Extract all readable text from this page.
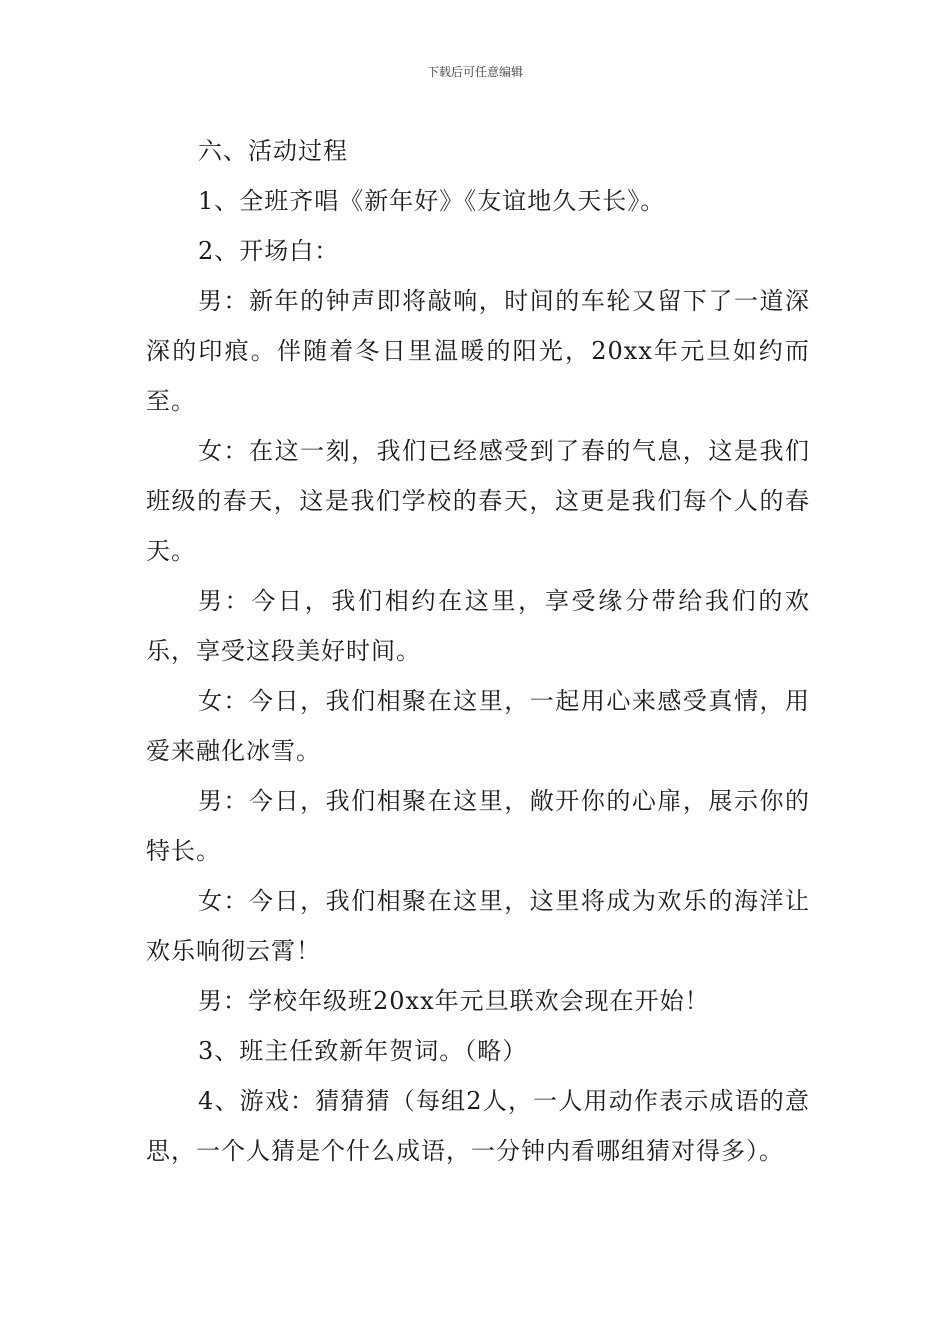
下载后可任意编辑

六、活动过程

1、全班齐唱《新年好》《友谊地久天长》。

2、开场白：

男：新年的钟声即将敲响，时间的车轮又留下了一道深深的印痕。伴随着冬日里温暖的阳光，20xx年元旦如约而至。

女：在这一刻，我们已经感受到了春的气息，这是我们班级的春天，这是我们学校的春天，这更是我们每个人的春天。

男：今日，我们相约在这里，享受缘分带给我们的欢乐，享受这段美好时间。

女：今日，我们相聚在这里，一起用心来感受真情，用爱来融化冰雪。

男：今日，我们相聚在这里，敞开你的心扉，展示你的特长。

女：今日，我们相聚在这里，这里将成为欢乐的海洋让欢乐响彻云霄！

男：学校年级班20xx年元旦联欢会现在开始！

3、班主任致新年贺词。（略）

4、游戏：猜猜猜（每组2人，一人用动作表示成语的意思，一个人猜是个什么成语，一分钟内看哪组猜对得多）。
